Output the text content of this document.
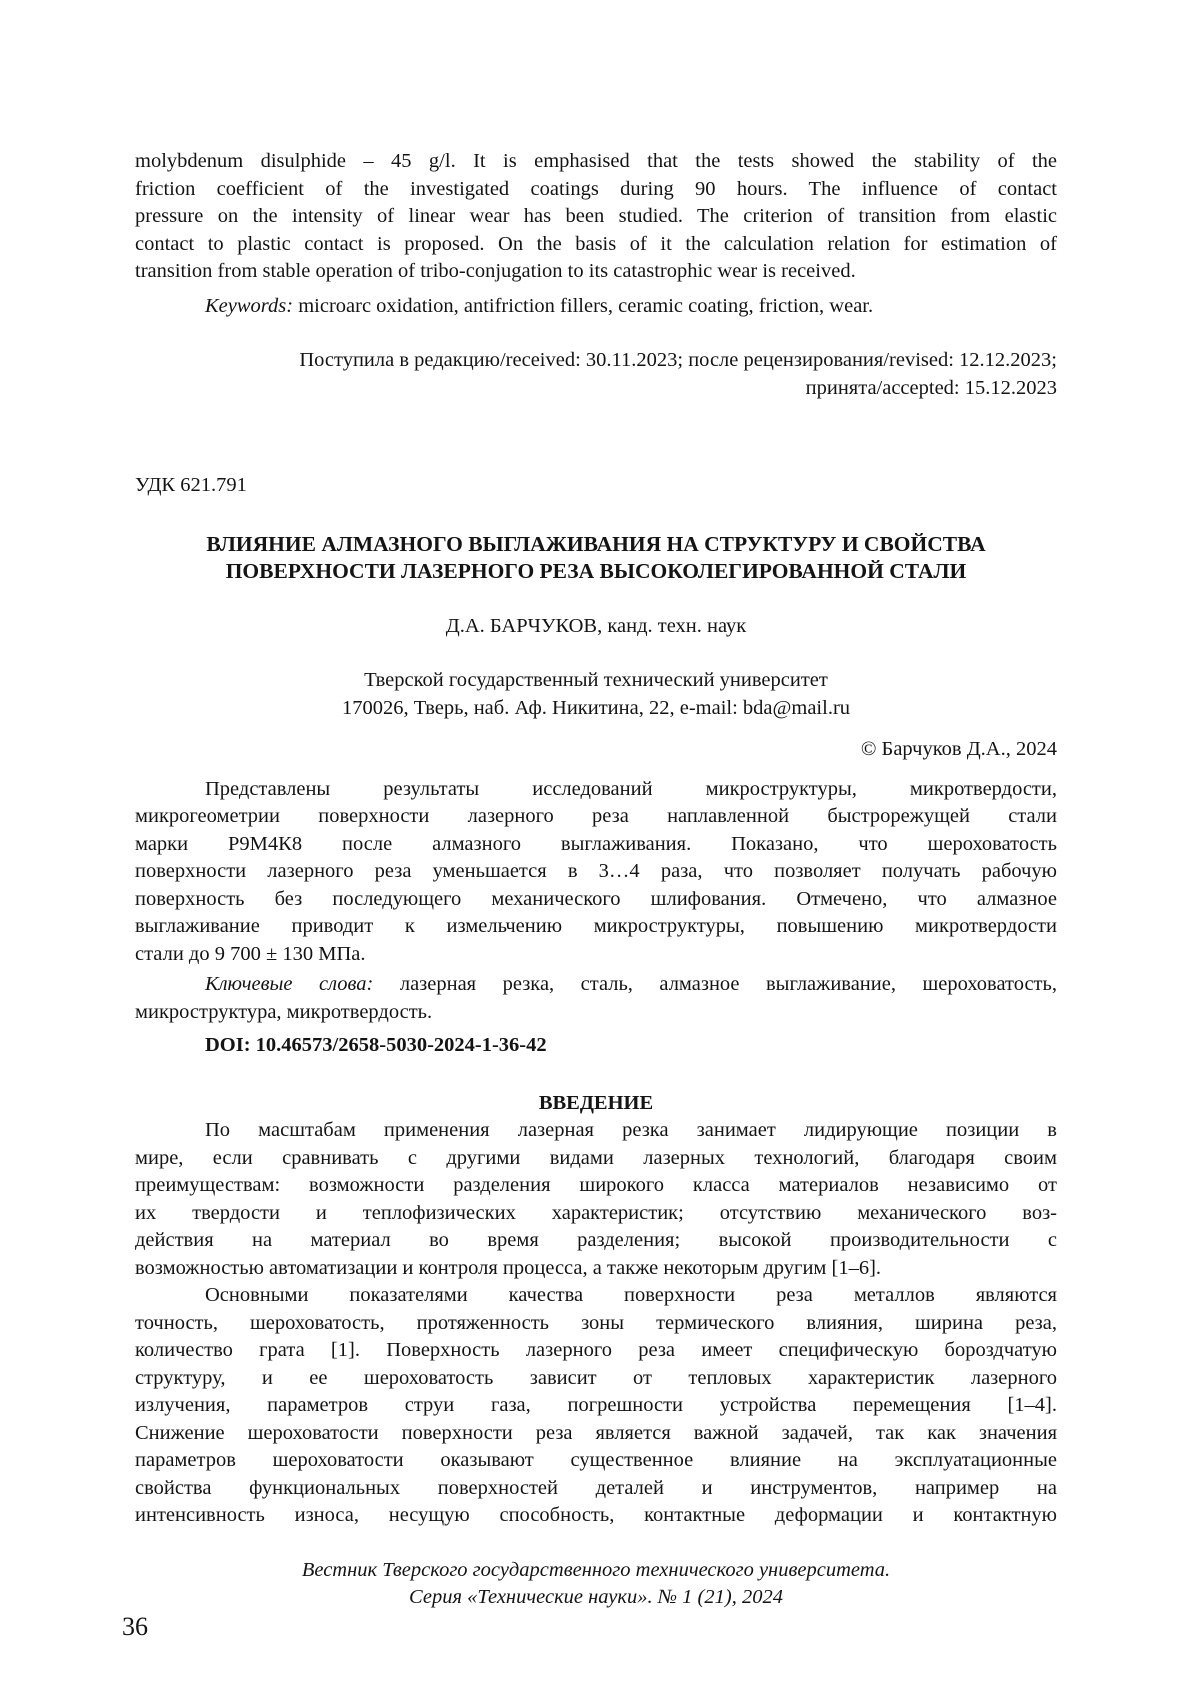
molybdenum disulphide – 45 g/l. It is emphasised that the tests showed the stability of the
friction coefficient of the investigated coatings during 90 hours. The influence of contact
pressure on the intensity of linear wear has been studied. The criterion of transition from elastic
contact to plastic contact is proposed. On the basis of it the calculation relation for estimation of
transition from stable operation of tribo-conjugation to its catastrophic wear is received.
Keywords: microarc oxidation, antifriction fillers, ceramic coating, friction, wear.
Поступила в редакцию/received: 30.11.2023; после рецензирования/revised: 12.12.2023;
принята/accepted: 15.12.2023
УДК 621.791
ВЛИЯНИЕ АЛМАЗНОГО ВЫГЛАЖИВАНИЯ НА СТРУКТУРУ И СВОЙСТВА
ПОВЕРХНОСТИ ЛАЗЕРНОГО РЕЗА ВЫСОКОЛЕГИРОВАННОЙ СТАЛИ
Д.А. БАРЧУКОВ, канд. техн. наук
Тверской государственный технический университет
170026, Тверь, наб. Аф. Никитина, 22, e-mail: bda@mail.ru
© Барчуков Д.А., 2024
Представлены результаты исследований микроструктуры, микротвердости,
микрогеометрии поверхности лазерного реза наплавленной быстрорежущей стали
марки Р9М4К8 после алмазного выглаживания. Показано, что шероховатость
поверхности лазерного реза уменьшается в 3…4 раза, что позволяет получать рабочую
поверхность без последующего механического шлифования. Отмечено, что алмазное
выглаживание приводит к измельчению микроструктуры, повышению микротвердости
стали до 9 700 ± 130 МПа.
Ключевые слова: лазерная резка, сталь, алмазное выглаживание, шероховатость,
микроструктура, микротвердость.
DOI: 10.46573/2658-5030-2024-1-36-42
ВВЕДЕНИЕ
По масштабам применения лазерная резка занимает лидирующие позиции в
мире, если сравнивать с другими видами лазерных технологий, благодаря своим
преимуществам: возможности разделения широкого класса материалов независимо от
их твердости и теплофизических характеристик; отсутствию механического воз-
действия на материал во время разделения; высокой производительности с
возможностью автоматизации и контроля процесса, а также некоторым другим [1–6].
Основными показателями качества поверхности реза металлов являются
точность, шероховатость, протяженность зоны термического влияния, ширина реза,
количество грата [1]. Поверхность лазерного реза имеет специфическую бороздчатую
структуру, и ее шероховатость зависит от тепловых характеристик лазерного
излучения, параметров струи газа, погрешности устройства перемещения [1–4].
Снижение шероховатости поверхности реза является важной задачей, так как значения
параметров шероховатости оказывают существенное влияние на эксплуатационные
свойства функциональных поверхностей деталей и инструментов, например на
интенсивность износа, несущую способность, контактные деформации и контактную
Вестник Тверского государственного технического университета.
Серия «Технические науки». № 1 (21), 2024
36
